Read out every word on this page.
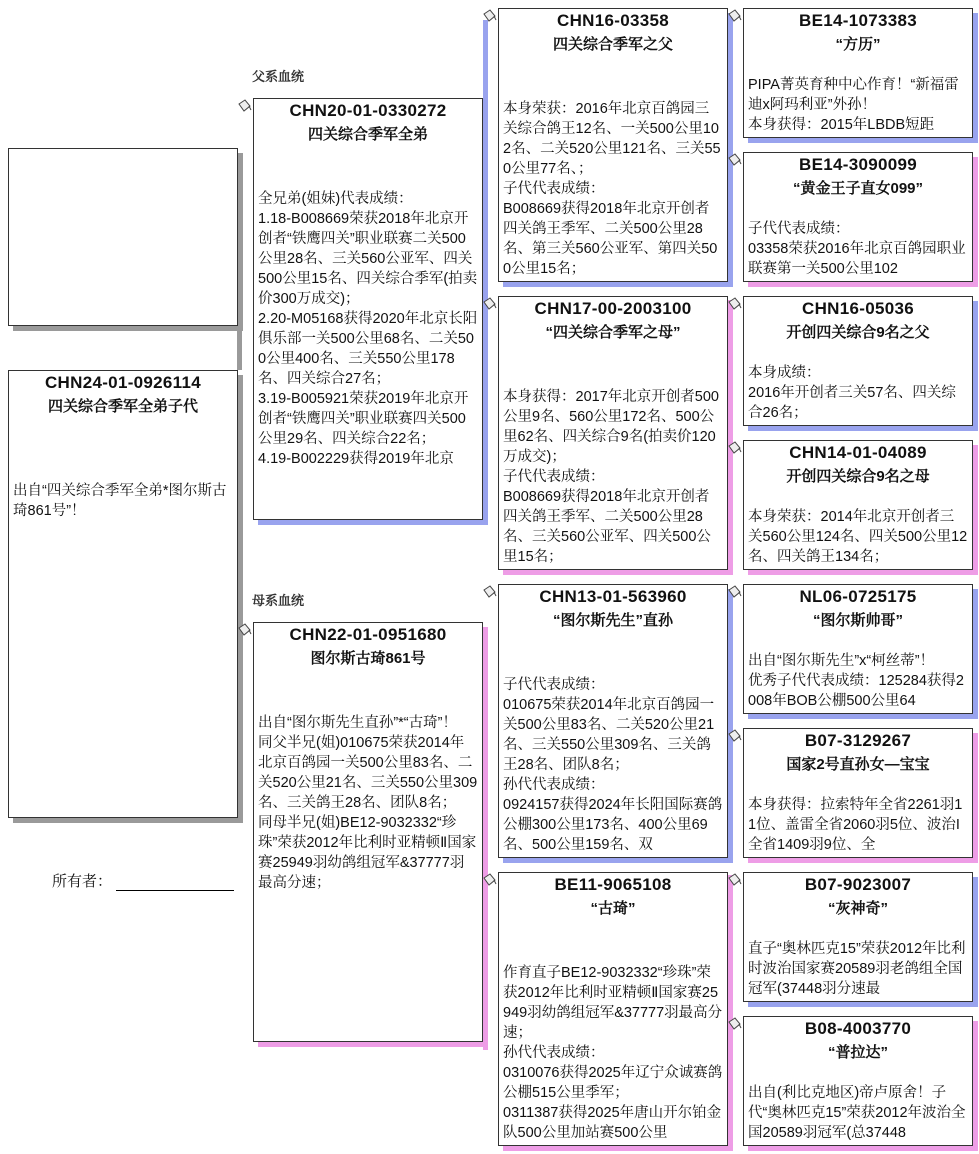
CHN24-01-0926114
四关综合季军全弟子代
出自“四关综合季军全弟*图尔斯古琦861号”！
所有者：
父系血统
母系血统
CHN20-01-0330272
四关综合季军全弟
全兄弟(姐妹)代表成绩：
1.18-B008669荣获2018年北京开创者“铁鹰四关”职业联赛二关500公里28名、三关560公亚军、四关500公里15名、四关综合季军(拍卖价300万成交)；
2.20-M05168获得2020年北京长阳俱乐部一关500公里68名、二关500公里400名、三关550公里178名、四关综合27名；
3.19-B005921荣获2019年北京开创者“铁鹰四关”职业联赛四关500公里29名、四关综合22名；
4.19-B002229获得2019年北京
CHN22-01-0951680
图尔斯古琦861号
出自“图尔斯先生直孙”*“古琦”！
同父半兄(姐)010675荣获2014年北京百鸽园一关500公里83名、二关520公里21名、三关550公里309名、三关鸽王28名、团队8名；
同母半兄(姐)BE12-9032332“珍珠”荣获2012年比利时亚精顿Ⅱ国家赛25949羽幼鸽组冠军&37777羽最高分速；
CHN16-03358
四关综合季军之父
本身荣获：2016年北京百鸽园三关综合鸽王12名、一关500公里102名、二关520公里121名、三关550公里77名、；
子代代表成绩：
B008669获得2018年北京开创者四关鸽王季军、二关500公里28名、第三关560公亚军、第四关500公里15名；
CHN17-00-2003100
“四关综合季军之母”
本身获得：2017年北京开创者500公里9名、560公里172名、500公里62名、四关综合9名(拍卖价120万成交)；
子代代表成绩：
B008669获得2018年北京开创者四关鸽王季军、二关500公里28名、三关560公亚军、四关500公里15名；
CHN13-01-563960
“图尔斯先生”直孙
子代代表成绩：
010675荣获2014年北京百鸽园一关500公里83名、二关520公里21名、三关550公里309名、三关鸽王28名、团队8名；
孙代代表成绩：
0924157获得2024年长阳国际赛鸽公棚300公里173名、400公里69名、500公里159名、双
BE11-9065108
“古琦”
作育直子BE12-9032332“珍珠”荣获2012年比利时亚精顿Ⅱ国家赛25949羽幼鸽组冠军&37777羽最高分速；
孙代代表成绩：
0310076获得2025年辽宁众诚赛鸽公棚515公里季军；
0311387获得2025年唐山开尔铂金队500公里加站赛500公里
BE14-1073383
“方历”
PIPA菁英育种中心作育！“新福雷迪x阿玛利亚”外孙！
本身获得：2015年LBDB短距
BE14-3090099
“黄金王子直女099”
子代代表成绩：
03358荣获2016年北京百鸽园职业联赛第一关500公里102
CHN16-05036
开创四关综合9名之父
本身成绩：
2016年开创者三关57名、四关综合26名；
CHN14-01-04089
开创四关综合9名之母
本身荣获：2014年北京开创者三关560公里124名、四关500公里12名、四关鸽王134名；
NL06-0725175
“图尔斯帅哥”
出自“图尔斯先生”x“柯丝蒂”！
优秀子代代表成绩：125284获得2008年BOB公棚500公里64
B07-3129267
国家2号直孙女—宝宝
本身获得：拉索特年全省2261羽11位、盖雷全省2060羽5位、波治I全省1409羽9位、全
B07-9023007
“灰神奇”
直子“奥林匹克15”荣获2012年比利时波治国家赛20589羽老鸽组全国冠军(37448羽分速最
B08-4003770
“普拉达”
出自(利比克地区)帝卢原舍！子代“奥林匹克15”荣获2012年波治全国20589羽冠军(总37448
